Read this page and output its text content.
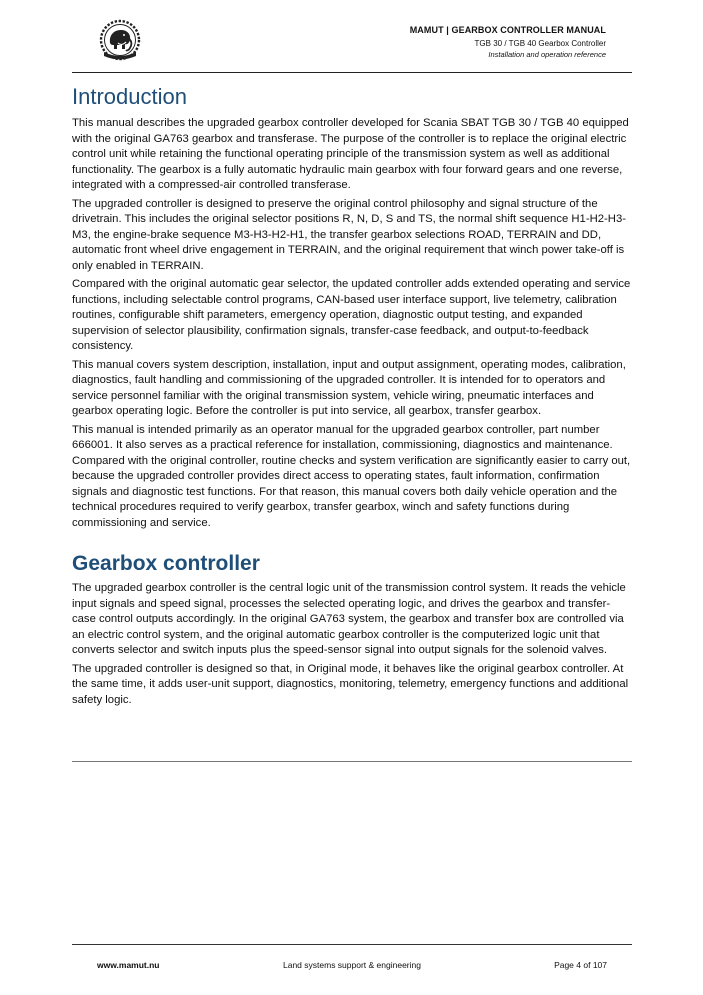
MAMUT | GEARBOX CONTROLLER MANUAL
TGB 30 / TGB 40 Gearbox Controller
Installation and operation reference
Introduction

This manual describes the upgraded gearbox controller developed for Scania SBAT TGB 30 / TGB 40 equipped with the original GA763 gearbox and transferase. The purpose of the controller is to replace the original electric control unit while retaining the functional operating principle of the transmission system as well as additional functionality. The gearbox is a fully automatic hydraulic main gearbox with four forward gears and one reverse, integrated with a compressed-air controlled transferase.

The upgraded controller is designed to preserve the original control philosophy and signal structure of the drivetrain. This includes the original selector positions R, N, D, S and TS, the normal shift sequence H1-H2-H3-M3, the engine-brake sequence M3-H3-H2-H1, the transfer gearbox selections ROAD, TERRAIN and DD, automatic front wheel drive engagement in TERRAIN, and the original requirement that winch power take-off is only enabled in TERRAIN.

Compared with the original automatic gear selector, the updated controller adds extended operating and service functions, including selectable control programs, CAN-based user interface support, live telemetry, calibration routines, configurable shift parameters, emergency operation, diagnostic output testing, and expanded supervision of selector plausibility, confirmation signals, transfer-case feedback, and output-to-feedback consistency.

This manual covers system description, installation, input and output assignment, operating modes, calibration, diagnostics, fault handling and commissioning of the upgraded controller. It is intended for to operators and service personnel familiar with the original transmission system, vehicle wiring, pneumatic interfaces and gearbox operating logic. Before the controller is put into service, all gearbox, transfer gearbox.

This manual is intended primarily as an operator manual for the upgraded gearbox controller, part number 666001. It also serves as a practical reference for installation, commissioning, diagnostics and maintenance. Compared with the original controller, routine checks and system verification are significantly easier to carry out, because the upgraded controller provides direct access to operating states, fault information, confirmation signals and diagnostic test functions. For that reason, this manual covers both daily vehicle operation and the technical procedures required to verify gearbox, transfer gearbox, winch and safety functions during commissioning and service.

Gearbox controller

The upgraded gearbox controller is the central logic unit of the transmission control system. It reads the vehicle input signals and speed signal, processes the selected operating logic, and drives the gearbox and transfer-case control outputs accordingly. In the original GA763 system, the gearbox and transfer box are controlled via an electric control system, and the original automatic gearbox controller is the computerized logic unit that converts selector and switch inputs plus the speed-sensor signal into output signals for the solenoid valves.

The upgraded controller is designed so that, in Original mode, it behaves like the original gearbox controller. At the same time, it adds user-unit support, diagnostics, monitoring, telemetry, emergency functions and additional safety logic.

Land systems support & engineering
www.mamut.nu	Page 4 of 107
